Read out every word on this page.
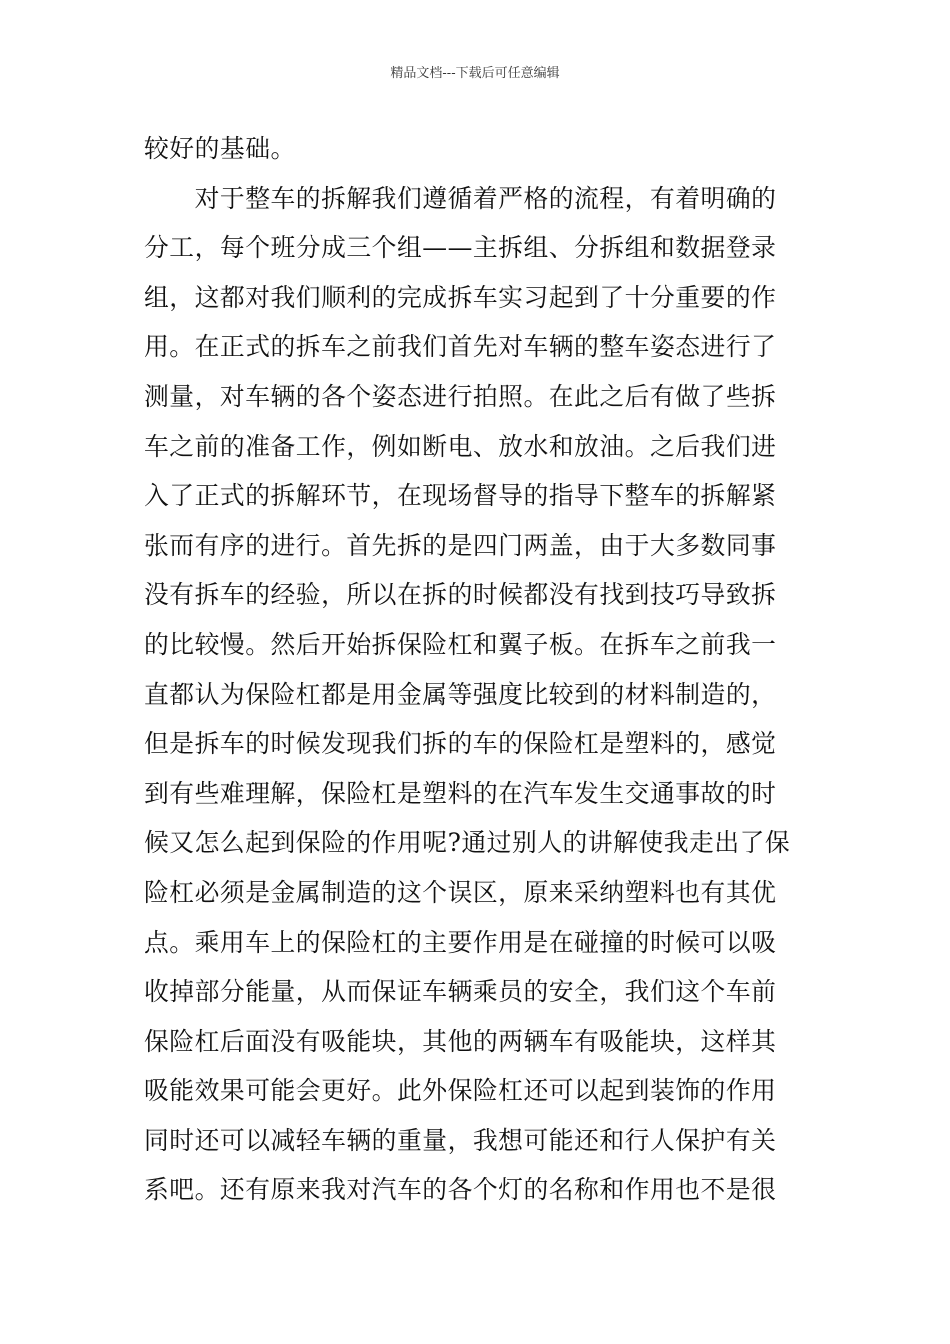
精品文档---下载后可任意编辑
较好的基础。
　　对于整车的拆解我们遵循着严格的流程，有着明确的
分工，每个班分成三个组——主拆组、分拆组和数据登录
组，这都对我们顺利的完成拆车实习起到了十分重要的作
用。在正式的拆车之前我们首先对车辆的整车姿态进行了
测量，对车辆的各个姿态进行拍照。在此之后有做了些拆
车之前的准备工作，例如断电、放水和放油。之后我们进
入了正式的拆解环节，在现场督导的指导下整车的拆解紧
张而有序的进行。首先拆的是四门两盖，由于大多数同事
没有拆车的经验，所以在拆的时候都没有找到技巧导致拆
的比较慢。然后开始拆保险杠和翼子板。在拆车之前我一
直都认为保险杠都是用金属等强度比较到的材料制造的，
但是拆车的时候发现我们拆的车的保险杠是塑料的，感觉
到有些难理解，保险杠是塑料的在汽车发生交通事故的时
候又怎么起到保险的作用呢?通过别人的讲解使我走出了保
险杠必须是金属制造的这个误区，原来采纳塑料也有其优
点。乘用车上的保险杠的主要作用是在碰撞的时候可以吸
收掉部分能量，从而保证车辆乘员的安全，我们这个车前
保险杠后面没有吸能块，其他的两辆车有吸能块，这样其
吸能效果可能会更好。此外保险杠还可以起到装饰的作用
同时还可以减轻车辆的重量，我想可能还和行人保护有关
系吧。还有原来我对汽车的各个灯的名称和作用也不是很
